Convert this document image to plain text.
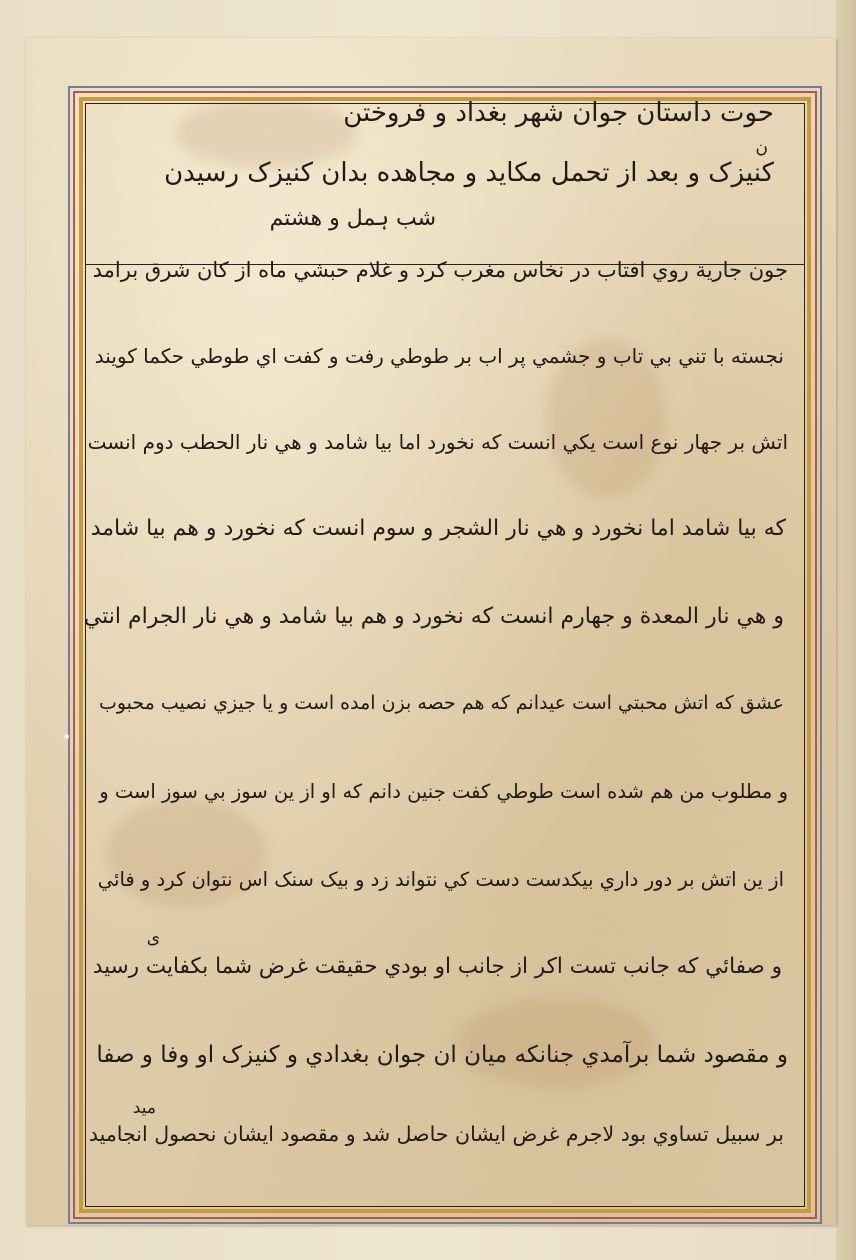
حوت داستان جوان شهر بغداد و فروختن
ن
کنیزک و بعد از تحمل مکاید و مجاهده بدان کنیزک رسیدن
شب ہمل و هشتم
جون جارية روي افتاب در نخاس مغرب کرد و غلام حبشي ماه از کان شرق برامد
نجسته با تني بي تاب و جشمي پر اب بر طوطي رفت و کفت اي طوطي حکما کويند
اتش بر جهار نوع است یکي انست که نخورد اما بيا شامد و هي نار الحطب دوم انست
که بيا شامد اما نخورد و هي نار الشجر و سوم انست که نخورد و هم بيا شامد
و هي نار المعدة و جهارم انست که نخورد و هم بيا شامد و هي نار الجرام انتي
عشق که اتش محبتي است عيدانم که هم حصه بزن امده است و یا جیزي نصيب محبوب
و مطلوب من هم شده است طوطي کفت جنين دانم که او از ين سوز بي سوز است و
از ين اتش بر دور داري بيکدست دست کي نتواند زد و بيک سنک اس نتوان کرد و فائي
ی
و صفائي که جانب تست اکر از جانب او بودي حقيقت غرض شما بکفايت رسيد
و مقصود شما برآمدي جنانکه ميان ان جوان بغدادي و کنیزک او وفا و صفا
ميد
بر سبيل تساوي بود لاجرم غرض ايشان حاصل شد و مقصود ايشان نحصول انجاميد
